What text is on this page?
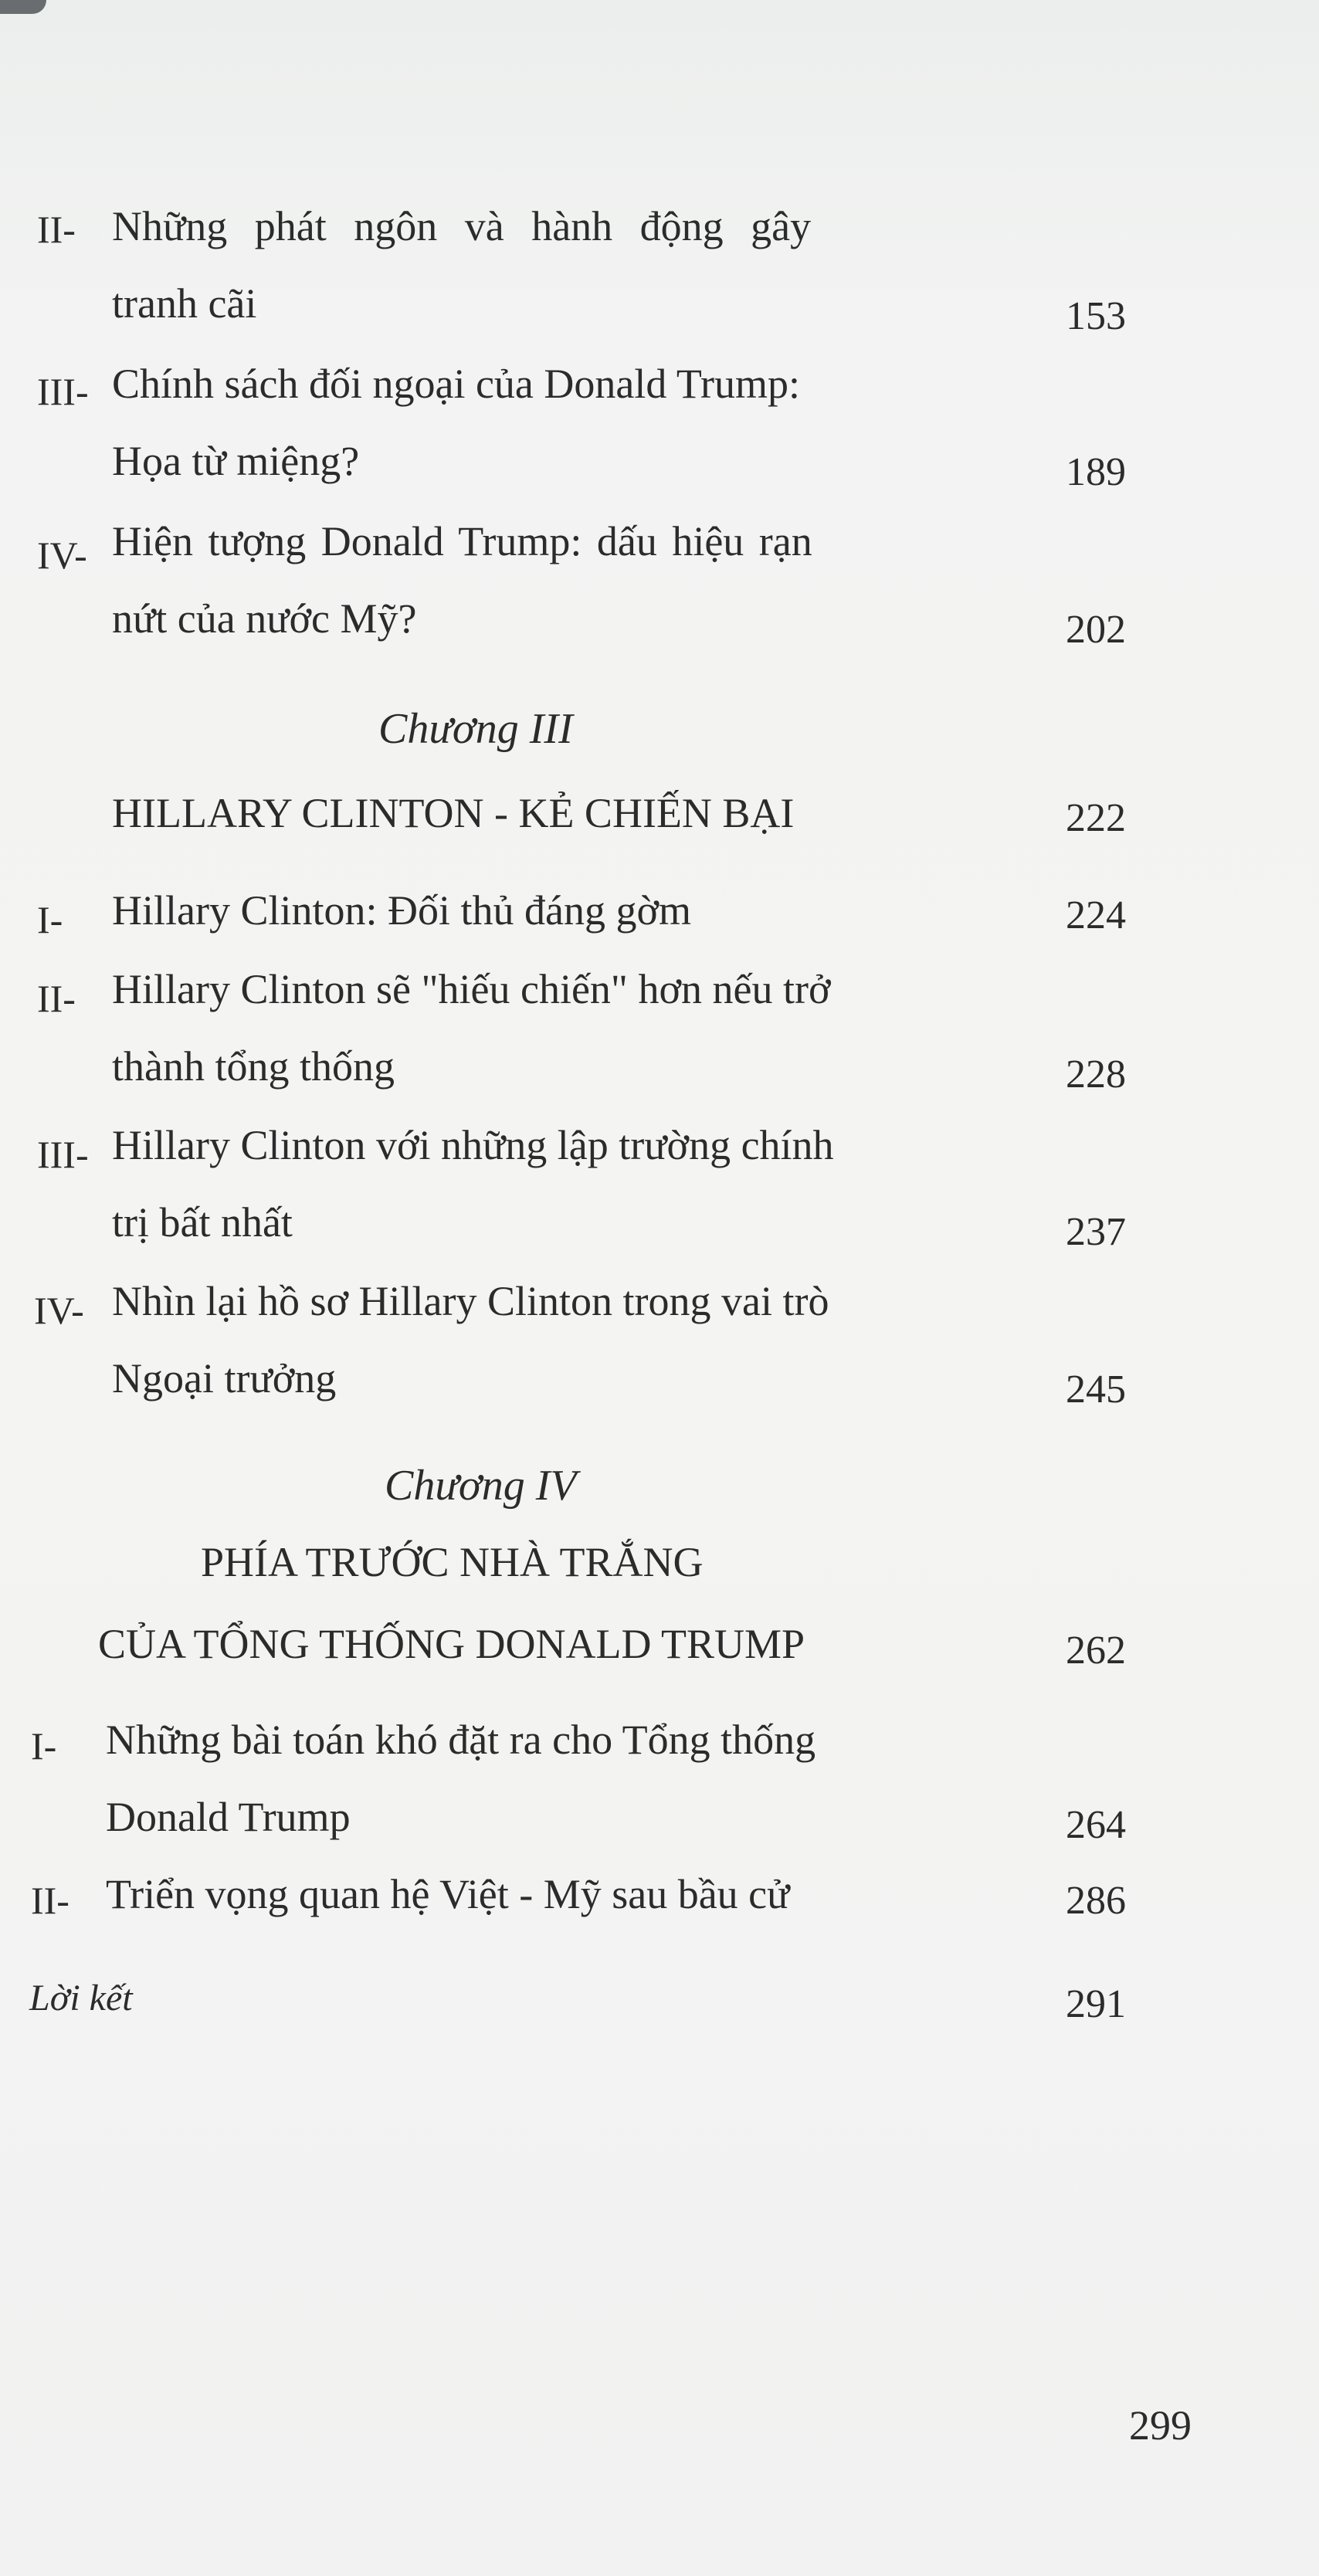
II- Những phát ngôn và hành động gây
tranh cãi	153
III- Chính sách đối ngoại của Donald Trump:
Họa từ miệng?	189
IV- Hiện tượng Donald Trump: dấu hiệu rạn
nứt của nước Mỹ?	202
Chương III
HILLARY CLINTON - KẺ CHIẾN BẠI	222
I- Hillary Clinton: Đối thủ đáng gờm	224
II- Hillary Clinton sẽ "hiếu chiến" hơn nếu trở
thành tổng thống	228
III- Hillary Clinton với những lập trường chính
trị bất nhất	237
IV- Nhìn lại hồ sơ Hillary Clinton trong vai trò
Ngoại trưởng	245
Chương IV
PHÍA TRƯỚC NHÀ TRẮNG
CỦA TỔNG THỐNG DONALD TRUMP	262
I- Những bài toán khó đặt ra cho Tổng thống
Donald Trump	264
II- Triển vọng quan hệ Việt - Mỹ sau bầu cử	286
Lời kết	291
299
